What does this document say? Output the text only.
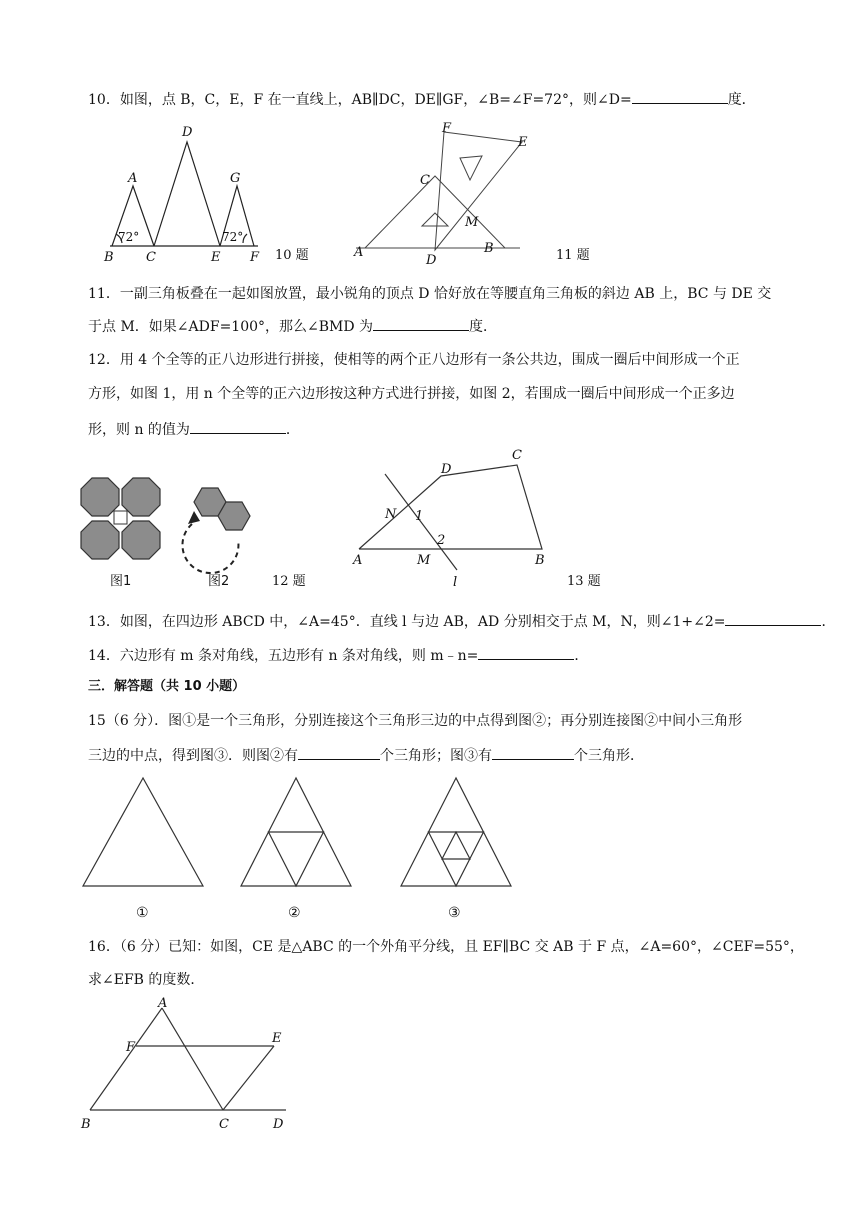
10．如图，点 B，C，E，F 在一直线上，AB∥DC，DE∥GF，∠B=∠F=72°，则∠D=	度．
D
A	G
B C	E F
72°	72°
10 题
F
E
C
M
A
D
B	11 题
11．一副三角板叠在一起如图放置，最小锐角的顶点 D 恰好放在等腰直角三角板的斜边 AB 上，BC 与 DE 交
于点 M．如果∠ADF=100°，那么∠BMD 为	度．
12．用 4 个全等的正八边形进行拼接，使相等的两个正八边形有一条公共边，围成一圈后中间形成一个正
方形，如图 1，用 n 个全等的正六边形按这种方式进行拼接，如图 2，若围成一圈后中间形成一个正多边
形，则 n 的值为	．
图1	图2	12 题
D
C
N 1
2
A	M	B
l	13 题
13．如图，在四边形 ABCD 中，∠A=45°．直线 l 与边 AB，AD 分别相交于点 M，N，则∠1+∠2=	．
14．六边形有 m 条对角线，五边形有 n 条对角线，则 m﹣n=	．
三．解答题（共 10 小题）
15（6 分）．图①是一个三角形，分别连接这个三角形三边的中点得到图②；再分别连接图②中间小三角形
三边的中点，得到图③．则图②有	个三角形；图③有	个三角形．
①	②	③
16．（6 分）已知：如图，CE 是△ABC 的一个外角平分线，且 EF∥BC 交 AB 于 F 点，∠A=60°，∠CEF=55°，
求∠EFB 的度数．
A
F
E
B	C	D
